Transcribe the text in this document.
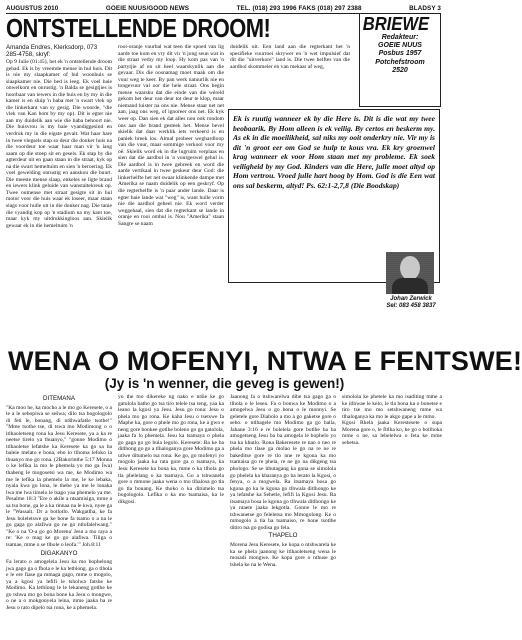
AUGUSTUS 2010	GOEIE NUUS/GOOD NEWS	TEL. (018) 293 1996 FAKS (018) 297 2388	BLADSY 3
ONTSTELLENDE DROOM!	BRIEWE
Redakteur:
GOEIE NUUS
Posbus 1957
Potchefstroom
2520
Amanda Endres, Klerksdorp, 073
285-4758, skryf:

Op 9 Julie (01:45), het ek 'n ontstellende droom gehad. Ek is by vreemde mense in hul huis. Dit is nie my slaapkamer of hul woonhuis se slaapkamer nie. Die bed is leeg. Ek voel baie onwelkom en onrustig. 'n Balda se gesigtjies is hoorbaar van iewers in die huis en by my in die kamer is en sluip 'n baba met 'n swart vlek op die linkerkant van sy gesig. Die woorde, "die vlek van Kan hom by my op). Dit is egter nie aan my duidelik aan wie die baba behoort nie. Die huisvrou is my baie vyandiggesind en verdruk my in die eigste gevalt. Wat haar hare in twee vlegsels stap so deur die donker huis na die voordeur toe waar haar man vir 'n lang saam op die stoep sit en gesels. Ek stap by die agterdeur uit en gaan staan in die straat, kyk op na die swart hemeltuim en sien 'n beroering. Ek voel gewelding onrustig en aanskou die buurt. Die meeste mense slaap, enkeles se ligte brand en iewers klink geluide van wanstaltekreuk op. Twee oumense met straat gesigte sit in hul motor voor die huis waar ek loseer, maar staan slags voor hulle uit in die donker nag. Die tanie die vyandig kop op 'n stadium na my kant toe, maar kyk my uitdrukkingloos aan. Skielik gewaar ek in die hemeltuim 'n

rooi-oranje vuurbal wat teen die spoed van lig aarde toe kom en vry dit vir 'n jong seun wat in die straat verby my loop. Hy kom pas van 'n partytjie af en sit heel waarskynlik aan die gevaar. Dis die oosnamag moet maak om die vuur weg te keer. By pan werk natuurlik nie en tongevuur val oor die hele straat. Ons begin mense waarsku dat die einde van die wêreld gekom het deur van deur tot deur te klop, maar niemand luister na ons nie. Mense staar net net aan, jaag ons weg, of ignoreer ons net. Ek kyk weer op. Dan sien ek dat alles nou ook rondom ons aan die brand gesteek het. Mense bevel skielik dat daar werklik iets verkeerd is en paniek breek los. Almal probeer weghardloop van die vuur, maar sommige verkool voor my oë. Skielik word ek in die lugruim verplaas en sien dat die aardbol in 'n vuurgeswel gehul is. Die aardbol is in twee gebreek en word die aarde vertikaal in twee geskeur deur God: die linkerhelfte het net swaar klinkende dampe met Amerika se naam duidelik op een geskryf. Op die regterhelfte is 'n paar ander lande. Daar is egter baie lande wat "weg" is, want hulle vorm nie die aardbol geheel nie. Ek word verder weggehaal, sien dat die regterkant se lande in oranje en rooi omhul is. Nou "Amerika" staan Sangre se naam

duidelik uit. Een land aan die regterkant het 'n spesifieke vuurroei skrywer en 'n wet impulsief dat dit die "uitverkore" land is. Die twee helftes van die aardbol skommeler en van mekaar af weg,

Ek is ruutig wanneer ek by die Here is. Dit is die wat my twee beobaarik. By Hom alleen is ek veilig. By certos en beskerm my. As ek in die moeilikheid, sal niks my ooit onderkry nie. Vir my is dit 'n groot eer om God se hulp te kous vra. Ek kry groenwel krag wanneer ek voor Hom staan met my probleme. Ek soek veiligheid by my God. Kinders van die Here, julle moet altyd op Hom vertrou. Vroed julle hart hoog by Hom. God is die Een wat ons sal beskerm, altyd! Ps. 62:1-2,7,8 (Die Boodskap)

Johan Zerwick
Sel: 083 458 3837
WENA O MOFENYI, NTWA E FENTSWE!
(Jy is 'n wenner, die geveg is gewen!)
DITEMANA

"Ka moo he, ka mocho a le mo go Keresete, o a le a le sebopiwa se sešwa; dilo tsa bogologolo di feti le, bonang, di ntšhwafatše tsothe!" "Mme tsothe tse, di tswa mo Modimong o o itlhaoletseng rona ka Jesu Keresete, ya a ka re neetse tirelo ya thuanyo," "gonne Modimo o itlhaoletse lefatshe ka Keresete ka go sa ba baleie melato e bona, ebo lo tlhoma lefoko la thuanyo mo go rona. (2Bakorinthe 5:17 Monna o ke lefika la mo le phemela yo mo ga Ïwa) thabeng le mogosetsi wa me, ke Modimo wa me le lefika la phemelo la me, le ke lebaka, nyala kwa go lona, le thebe ya me le lonaka lwa me lwa timelo le tsago yaa phemelo ya me. Pesalme 18:3 "Ere o akile a ntsamisiga, mme a sa tsa bone, ga le a ka rinnaa na le kwa, nyee ga le "Wassalt. Dr a botlotlo. Wakgatlha, ke fa Jesu boleletswe ga ke bone fa tsamo o a na le go gaga go alafiwa go ne go ntlofalelwang." "Ke o na 'O-a go go Morena' Jesu a mo raya a re: 'Ke o mag ke go go alafiwa. Tiliga o tsamae, mme o se tlhole o leofa.'" Joh.8:11

DIGAKANYO

Fa lerato o amogelela Jesu ka mo bophelong jwa gago ga o fhola e le ka lethlong. ga o tlhola e le ere fiase ga mmaga gago, mme o mogolo, ya a kgosi ya lefifi le tsholwa fatshe ke Modimo. Ka lethlong le le lekaneng gotlhe ke go tshwa mo go bona bone ka Jesu o mongwe, o ne a o mokgonyela leina, mme jaaka ba re Jesu o rato dipelo tsa rona, ke a phemela.

yo the mo dikereke ng nako e ntšie ke go gatolola batho go tsa tiro telele tsa teng, yaa ka leano la kgosi ya Jesu. Jesu go rona: Jesu o phela mo go rona. Ke kaha Jesu o tsetswe fa Maphe ka, gore o phele mo go rona, ke a gwo e neng gore bonkee gotlhe boleno go go gatolola, jaaka fa lo phemela. Jesu ka tsamaya o phela go gaga go go bula legolo. Keresete: Ba ke ba ditlhong go go a tlhaloganya gore Modimo ga a utlwe ditumelo tsa rona. Ke go, go mofenyi yo mogolo jaaka ka rata gore ga o tsamaya, ka Jesu Keresete ka bona ka, mme o ka tlhola go tla phelelang o ka tsamaya. Go a tshwanela gore o mmone jaaka wena o mo tlhalosa go tla go tla bonang. Ke thoko o ka ditumelo tsa bogologolo. Lefika o ka mo tsamaisa, ka le dikgosi.

Jaanong fa o itshwarelwa dibe tsa gago ga o tlhola o le lesea. Fa o bonwa ke Modimo o a amogelwa Jesu o go bona o le monnyi. Se geletele gore Diabolo a mo a go gaketse gore o sebo. o ntlhagele mo Modimo ga go balla, Jahane 3:16 e re bolelela gore botlhe ba ba amogetseng Jesu ba ba amogela le bophelo yo tsa ka khutlo. Rona Bakeresete re nao o neo re phela mo tlase ga molao le go na re ne re bakeditse gore re tlo nne re kgona ka mo tsamaisa go re phela, re ne go na dikgeng tsa phologo. Se se ithutagang ka gona se simolola go phelela ka kharanya go ba lerato la Kgosi, o fenya, o a mogwela. Ra itsamaya bosa go kgona go ka le kgona go tlhwala ditlhongo ke ya lefatshe ka Sehetle, lefifi la Kgosi Jesu. Ra itsamaya bosa le kgona go tlhwala ditlhongo ke ya ntaete jaaka lekgotla. Gonne le mo re tshwanetse go feleletsa mo Mmogolong. Ke o mmogolo a tla ba tsamaiso, re bone tsotlhe ditiro tsa go godisa go fela.

THAPELO

Morena Jesu Keresete, ke kopa o ntshwarela ke ka se phela jaanong ke itlhaoletseng wena le mosadi mongwe. Ke kopa gore o nthuse go tshela ke na le Wena.

simolola ke phetele ka mo isaditing mme a ke itlhwae le kelo, le tla bona ka o bonetse e tiro tse mo mo setshwaneng mme wa tlhaloganya ka mo le akgo gape a le mmo.

Kgosi Rhela jaaka Kerestesete o supa Morena gore o, le fitlha ko, ke go o botlhoka mme o ne, sa lebelelwa o feta ke mme sebetsa.
